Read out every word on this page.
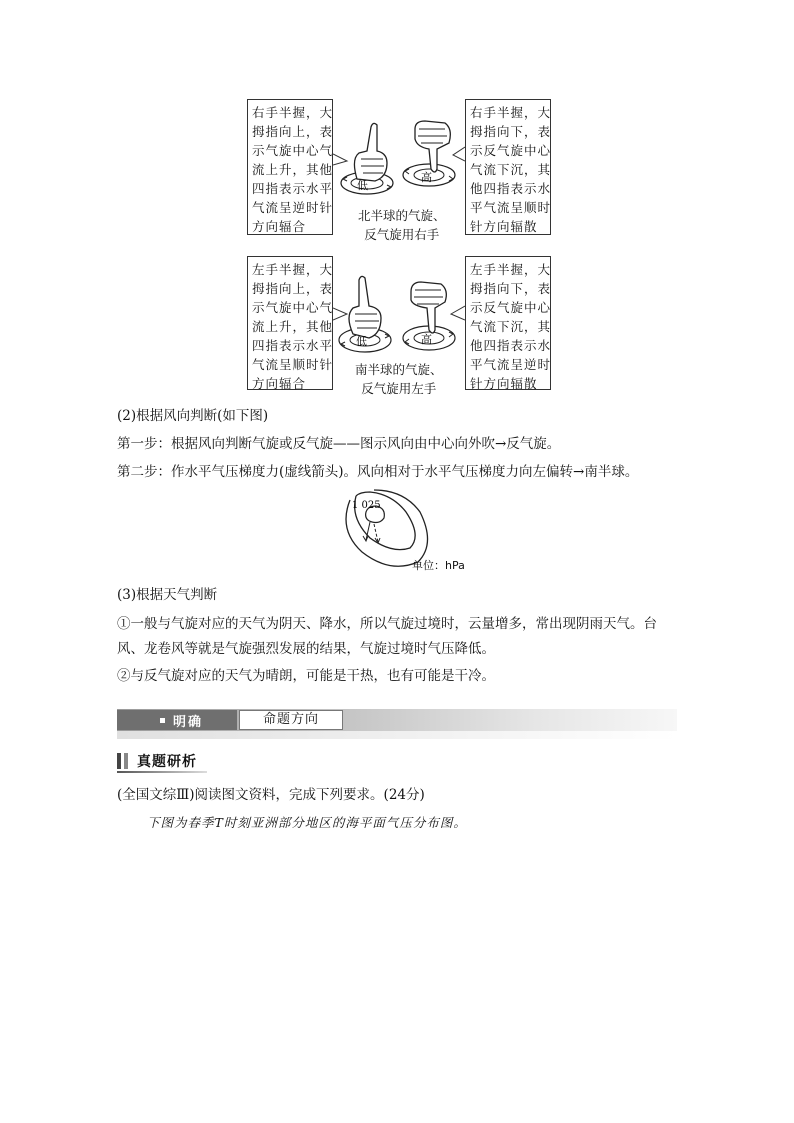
右手半握，大
拇指向上，表
示气旋中心气
流上升，其他
四指表示水平
气流呈逆时针
方向辐合
低
高
北半球的气旋、
反气旋用右手
右手半握，大
拇指向下，表
示反气旋中心
气流下沉，其
他四指表示水
平气流呈顺时
针方向辐散
左手半握，大
拇指向上，表
示气旋中心气
流上升，其他
四指表示水平
气流呈顺时针
方向辐合
低	高
南半球的气旋、
反气旋用左手
左手半握，大
拇指向下，表
示反气旋中心
气流下沉，其
他四指表示水
平气流呈逆时
针方向辐散
(2)根据风向判断(如下图)
第一步：根据风向判断气旋或反气旋——图示风向由中心向外吹→反气旋。
第二步：作水平气压梯度力(虚线箭头)。风向相对于水平气压梯度力向左偏转→南半球。
1 025
单位：hPa
(3)根据天气判断
①一般与气旋对应的天气为阴天、降水，所以气旋过境时，云量增多，常出现阴雨天气。台
风、龙卷风等就是气旋强烈发展的结果，气旋过境时气压降低。
②与反气旋对应的天气为晴朗，可能是干热，也有可能是干冷。
明确	命题方向
真题研析
(全国文综Ⅲ)阅读图文资料，完成下列要求。(24分)
下图为春季T时刻亚洲部分地区的海平面气压分布图。
